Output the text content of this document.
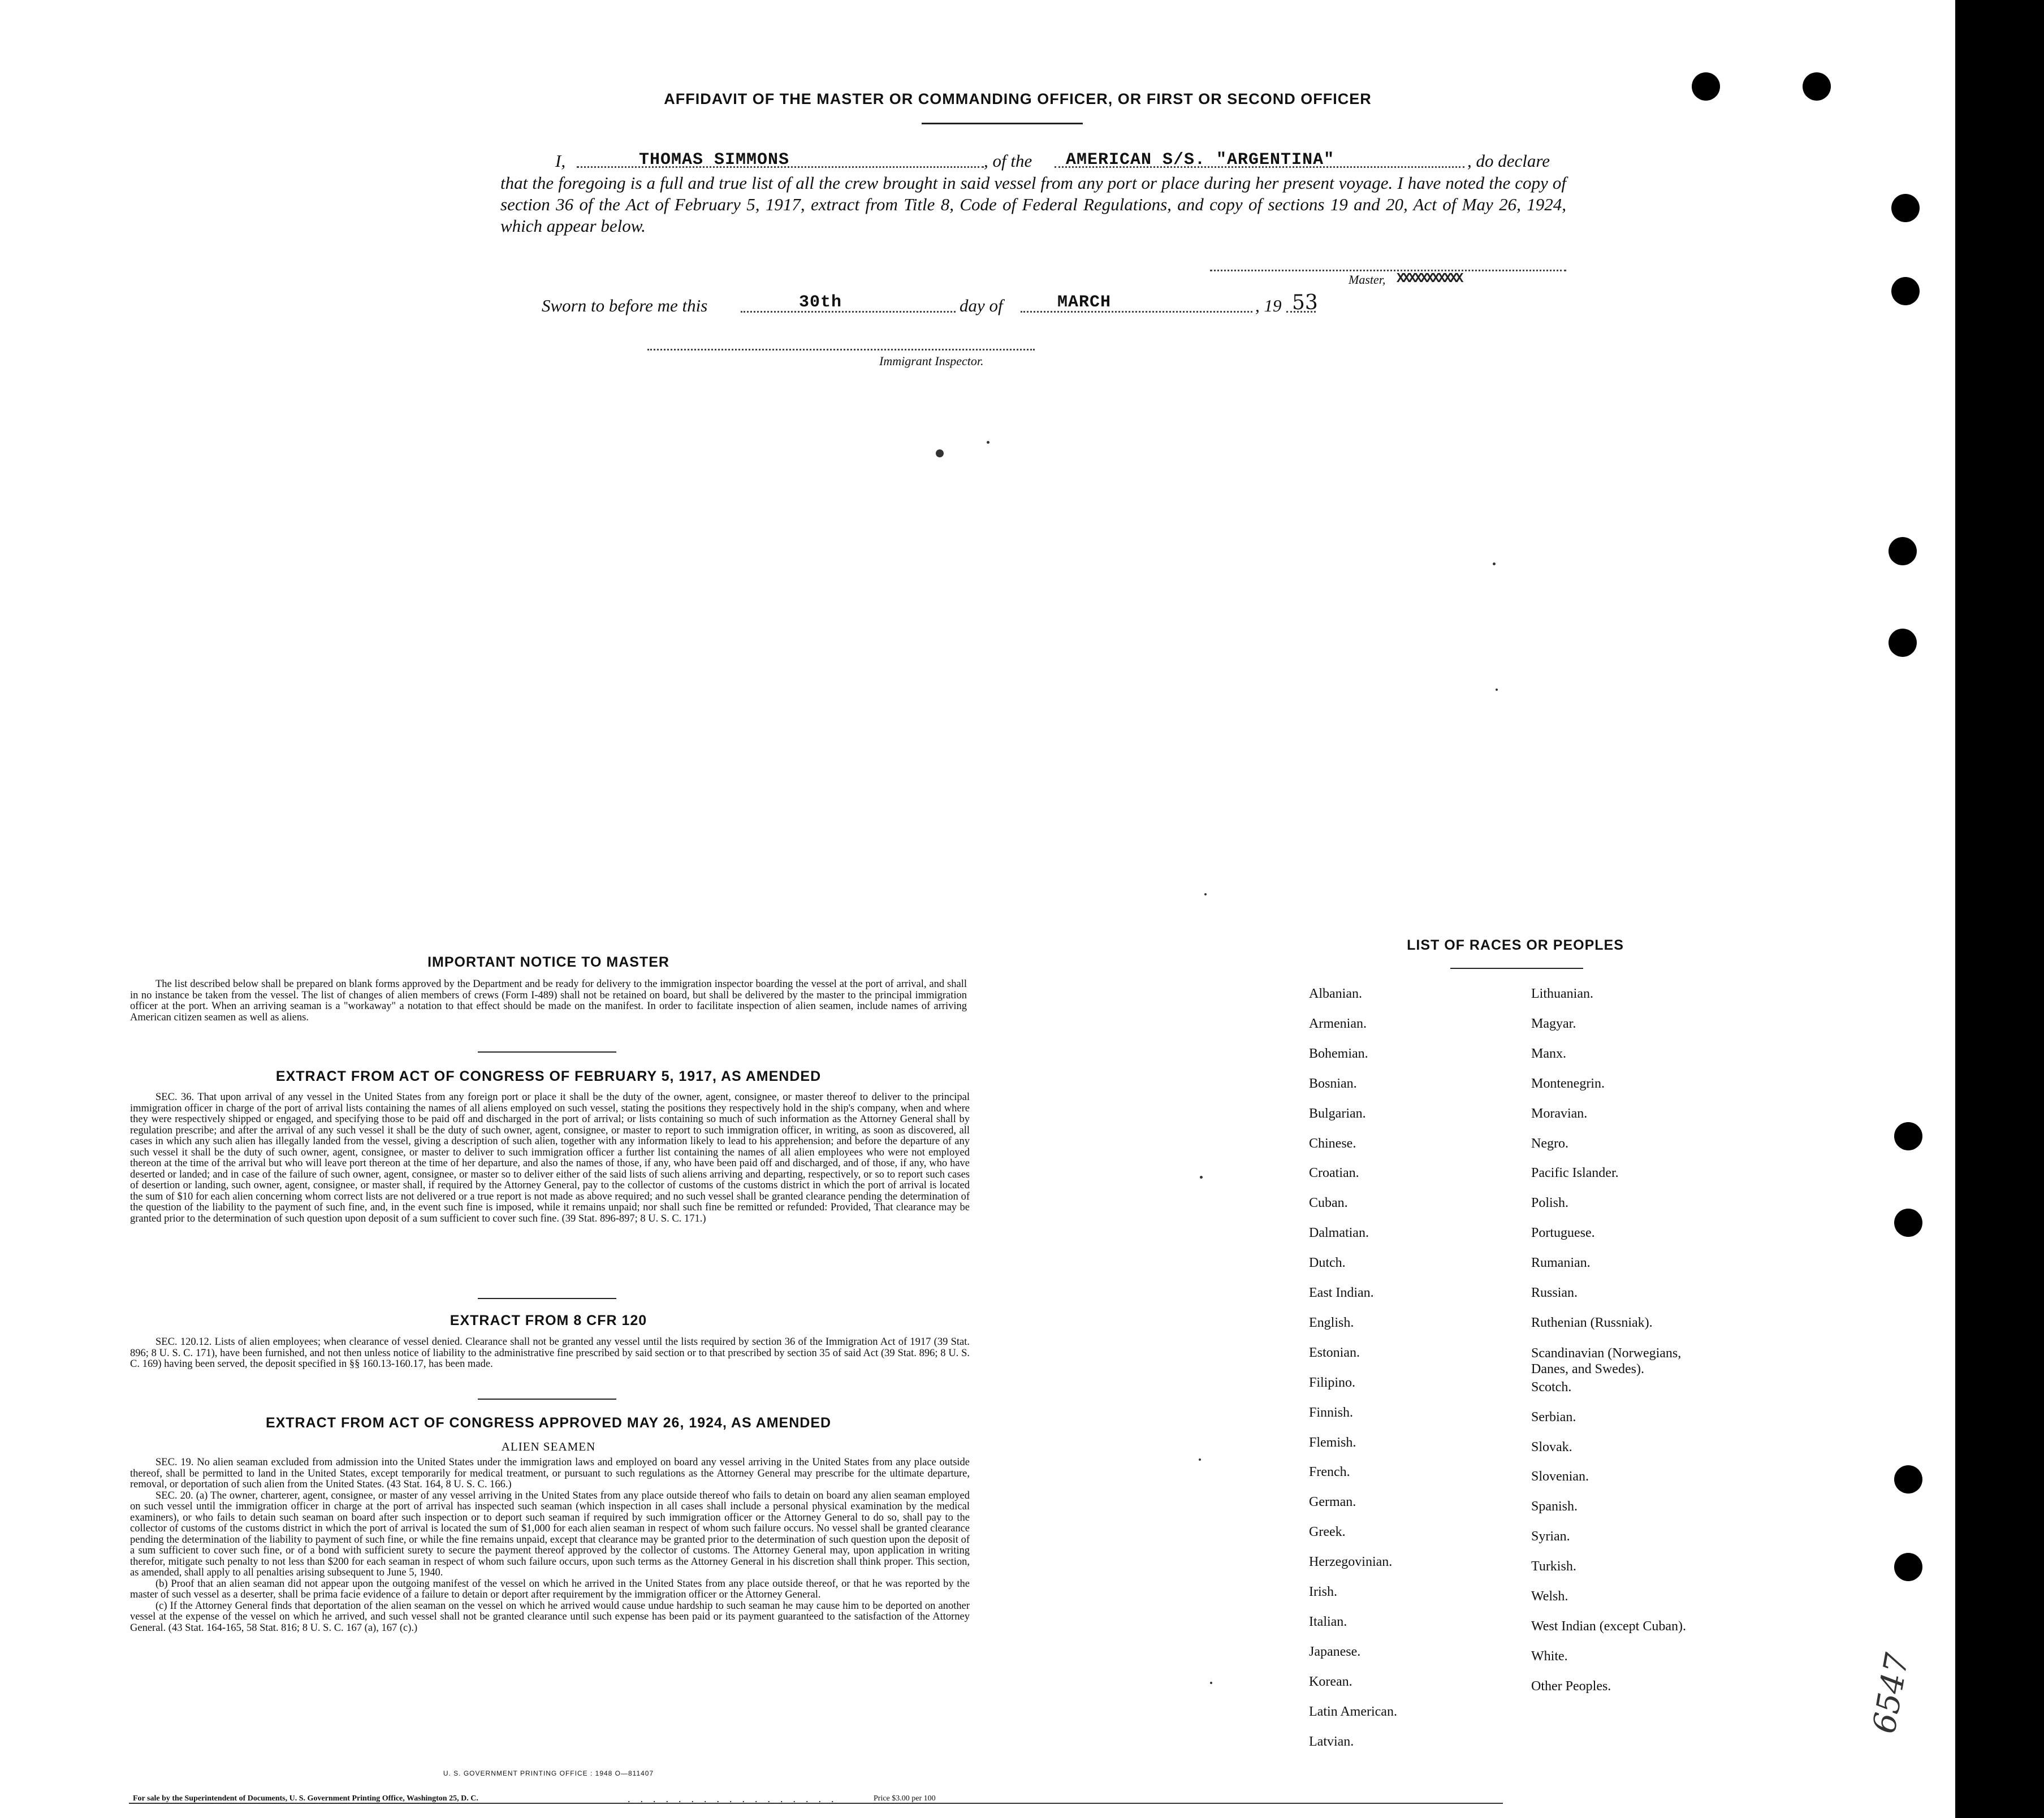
AFFIDAVIT OF THE MASTER OR COMMANDING OFFICER, OR FIRST OR SECOND OFFICER
I,	THOMAS SIMMONS	, of the AMERICAN S/S. "ARGENTINA"	, do declare
that the foregoing is a full and true list of all the crew brought in said vessel from any port or place during her present voyage. I have noted the copy of section 36 of the Act of February 5, 1917, extract from Title 8, Code of Federal Regulations, and copy of sections 19 and 20, Act of May 26, 1924, which appear below.
Master, XXXXXXXXXXX
Sworn to before me this	30th	day of	MARCH	, 19 53
Immigrant Inspector.
IMPORTANT NOTICE TO MASTER
The list described below shall be prepared on blank forms approved by the Department and be ready for delivery to the immigration inspector boarding the vessel at the port of arrival, and shall in no instance be taken from the vessel. The list of changes of alien members of crews (Form I-489) shall not be retained on board, but shall be delivered by the master to the principal immigration officer at the port. When an arriving seaman is a "workaway" a notation to that effect should be made on the manifest. In order to facilitate inspection of alien seamen, include names of arriving American citizen seamen as well as aliens.
EXTRACT FROM ACT OF CONGRESS OF FEBRUARY 5, 1917, AS AMENDED
SEC. 36. That upon arrival of any vessel in the United States from any foreign port or place it shall be the duty of the owner, agent, consignee, or master thereof to deliver to the principal immigration officer in charge of the port of arrival lists containing the names of all aliens employed on such vessel, stating the positions they respectively hold in the ship's company, when and where they were respectively shipped or engaged, and specifying those to be paid off and discharged in the port of arrival; or lists containing so much of such information as the Attorney General shall by regulation prescribe; and after the arrival of any such vessel it shall be the duty of such owner, agent, consignee, or master to report to such immigration officer, in writing, as soon as discovered, all cases in which any such alien has illegally landed from the vessel, giving a description of such alien, together with any information likely to lead to his apprehension; and before the departure of any such vessel it shall be the duty of such owner, agent, consignee, or master to deliver to such immigration officer a further list containing the names of all alien employees who were not employed thereon at the time of the arrival but who will leave port thereon at the time of her departure, and also the names of those, if any, who have been paid off and discharged, and of those, if any, who have deserted or landed; and in case of the failure of such owner, agent, consignee, or master so to deliver either of the said lists of such aliens arriving and departing, respectively, or so to report such cases of desertion or landing, such owner, agent, consignee, or master shall, if required by the Attorney General, pay to the collector of customs of the customs district in which the port of arrival is located the sum of $10 for each alien concerning whom correct lists are not delivered or a true report is not made as above required; and no such vessel shall be granted clearance pending the determination of the question of the liability to the payment of such fine, and, in the event such fine is imposed, while it remains unpaid; nor shall such fine be remitted or refunded: Provided, That clearance may be granted prior to the determination of such question upon deposit of a sum sufficient to cover such fine. (39 Stat. 896-897; 8 U. S. C. 171.)
EXTRACT FROM 8 CFR 120
SEC. 120.12. Lists of alien employees; when clearance of vessel denied. Clearance shall not be granted any vessel until the lists required by section 36 of the Immigration Act of 1917 (39 Stat. 896; 8 U. S. C. 171), have been furnished, and not then unless notice of liability to the administrative fine prescribed by said section or to that prescribed by section 35 of said Act (39 Stat. 896; 8 U. S. C. 169) having been served, the deposit specified in §§ 160.13-160.17, has been made.
EXTRACT FROM ACT OF CONGRESS APPROVED MAY 26, 1924, AS AMENDED
ALIEN SEAMEN
SEC. 19. No alien seaman excluded from admission into the United States under the immigration laws and employed on board any vessel arriving in the United States from any place outside thereof, shall be permitted to land in the United States, except temporarily for medical treatment, or pursuant to such regulations as the Attorney General may prescribe for the ultimate departure, removal, or deportation of such alien from the United States. (43 Stat. 164, 8 U. S. C. 166.)
SEC. 20. (a) The owner, charterer, agent, consignee, or master of any vessel arriving in the United States from any place outside thereof who fails to detain on board any alien seaman employed on such vessel until the immigration officer in charge at the port of arrival has inspected such seaman (which inspection in all cases shall include a personal physical examination by the medical examiners), or who fails to detain such seaman on board after such inspection or to deport such seaman if required by such immigration officer or the Attorney General to do so, shall pay to the collector of customs of the customs district in which the port of arrival is located the sum of $1,000 for each alien seaman in respect of whom such failure occurs. No vessel shall be granted clearance pending the determination of the liability to payment of such fine, or while the fine remains unpaid, except that clearance may be granted prior to the determination of such question upon the deposit of a sum sufficient to cover such fine, or of a bond with sufficient surety to secure the payment thereof approved by the collector of customs. The Attorney General may, upon application in writing therefor, mitigate such penalty to not less than $200 for each seaman in respect of whom such failure occurs, upon such terms as the Attorney General in his discretion shall think proper. This section, as amended, shall apply to all penalties arising subsequent to June 5, 1940.
(b) Proof that an alien seaman did not appear upon the outgoing manifest of the vessel on which he arrived in the United States from any place outside thereof, or that he was reported by the master of such vessel as a deserter, shall be prima facie evidence of a failure to detain or deport after requirement by the immigration officer or the Attorney General.
(c) If the Attorney General finds that deportation of the alien seaman on the vessel on which he arrived would cause undue hardship to such seaman he may cause him to be deported on another vessel at the expense of the vessel on which he arrived, and such vessel shall not be granted clearance until such expense has been paid or its payment guaranteed to the satisfaction of the Attorney General. (43 Stat. 164-165, 58 Stat. 816; 8 U. S. C. 167 (a), 167 (c).)
U. S. GOVERNMENT PRINTING OFFICE : 1948 O—811407
For sale by the Superintendent of Documents, U. S. Government Printing Office, Washington 25, D. C.	.................	Price $3.00 per 100
LIST OF RACES OR PEOPLES
Albanian.
Armenian.
Bohemian.
Bosnian.
Bulgarian.
Chinese.
Croatian.
Cuban.
Dalmatian.
Dutch.
East Indian.
English.
Estonian.
Filipino.
Finnish.
Flemish.
French.
German.
Greek.
Herzegovinian.
Irish.
Italian.
Japanese.
Korean.
Latin American.
Latvian.
Lithuanian.
Magyar.
Manx.
Montenegrin.
Moravian.
Negro.
Pacific Islander.
Polish.
Portuguese.
Rumanian.
Russian.
Ruthenian (Russniak).
Scandinavian (Norwegians, Danes, and Swedes).
Scotch.
Serbian.
Slovak.
Slovenian.
Spanish.
Syrian.
Turkish.
Welsh.
West Indian (except Cuban).
White.
Other Peoples.	6547
